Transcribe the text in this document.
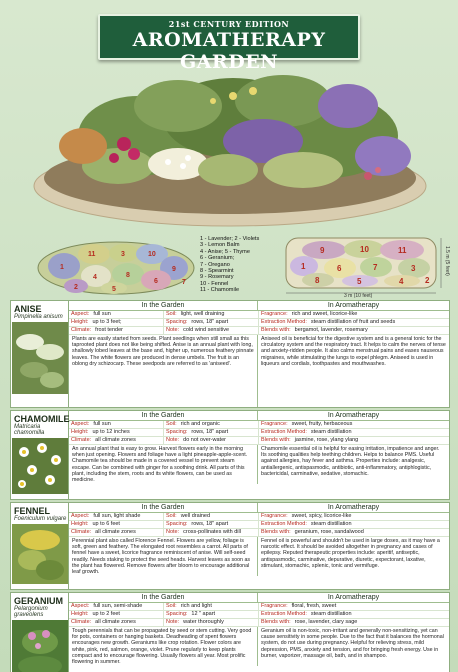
21st CENTURY EDITION
AROMATHERAPY GARDEN
1
11	3	10
9
4	8
6
2	5
7
1 - Lavender; 2 - Violets
3 - Lemon Balm
4 - Anise; 5 - Thyme
6 - Geranium;
7 - Oregano
8 - Spearmint
9 - Rosemary
10 - Fennel
11 - Chamomile
9	10	11
1	6	7	3
8	5	4	2
3 m (10 feet)
1.5 m (5 feet)
ANISE
Pimpinella anisum
In the Garden	In Aromatherapy
Aspect: full sun	Soil: light, well draining	Fragrance: rich and sweet, licorice-like
Height: up to 3 feet;	Spacing: rows, 18" apart	Extraction Method: steam distillation of fruit and seeds
Climate: frost tender	Note: cold wind sensitive	Blends with: bergamot, lavender, rosemary
Plants are easily started from seeds. Plant seedlings when still small as this taprooted plant does not like being shifted. Anise is an annual plant with long, shallowly lobed leaves at the base and, higher up, numerous feathery pinnate leaves. The white flowers are produced in dense umbels. The fruit is an oblong dry schizocarp. These seedpods are referred to as 'aniseed'.
Aniseed oil is beneficial for the digestive system and is a general tonic for the circulatory system and the respiratory tract. It helps to calm the nerves of tense and anxiety-ridden people. It also calms menstrual pains and eases nauseous migraines, while stimulating the lungs to expel phlegm. Aniseed is used in liqueurs and cordials, toothpastes and mouthwashes.
CHAMOMILE
Matricaria chamomilla
In the Garden	In Aromatherapy
Aspect: full sun	Soil: rich and organic	Fragrance: sweet, fruity, herbaceous
Height: up to 12 inches	Spacing: rows, 18" apart	Extraction Method: steam distillation
Climate: all climate zones	Note: do not over-water	Blends with: jasmine, rose, ylang ylang
An annual plant that is easy to grow. Harvest flowers early in the morning when just opening. Flowers and foliage have a light pineapple-apple-scent. Chamomile tea should be made in a covered vessel to prevent steam escape. Can be combined with ginger for a soothing drink. All parts of this plant, including the stem, roots and its white flowers, can be used as medicine.
Chamomile essential oil is helpful for easing irritation, impatience and anger. Its soothing qualities help teething children. Helps to balance PMS. Useful against allergies, hay fever and asthma. Properties include: analgesic, antiallergenic, antispasmodic, antibiotic, anti-inflammatory, antiphlogistic, bactericidal, carminative, sedative, stomachic.
FENNEL
Foeniculum vulgare
In the Garden	In Aromatherapy
Aspect: full sun, light shade	Soil: well drained	Fragrance: sweet, spicy, licorice-like
Height: up to 6 feet	Spacing: rows, 18" apart	Extraction Method: steam distillation
Climate: all climate zones	Note: cross-pollinates with dill	Blends with: geranium, rose, sandalwood
Perennial plant also called Florence Fennel. Flowers are yellow, foliage is soft, green and feathery. The elongated root resembles a carrot. All parts of fennel have a sweet, licorice fragrance reminiscent of anise. Will self-seed readily. Needs staking to protect the seed heads. Harvest leaves as soon as the plant has flowered. Remove flowers after bloom to encourage additional leaf growth.
Fennel oil is powerful and shouldn't be used in large doses, as it may have a narcotic effect. It should be avoided altogether in pregnancy and cases of epilepsy. Reputed therapeutic properties include: aperitif, antiseptic, antispasmodic, carminative, depurative, diuretic, expectorant, laxative, stimulant, stomachic, splenic, tonic and vermifuge.
GERANIUM
Pelargonium graveolens
In the Garden	In Aromatherapy
Aspect: full sun, semi-shade	Soil: rich and light	Fragrance: floral, fresh, sweet
Height: up to 2 feet	Spacing: 12 " apart	Extraction Method: steam distillation
Climate: all climate zones	Note: water thoroughly	Blends with: rose, lavender, clary sage
Tough perennials that can be propagated by seed or stem cutting. Very good for pots, containers or hanging baskets. Deadheading of spent flowers encourages new growth. Geraniums like crop rotation. Flower colors are white, pink, red, salmon, orange, violet. Prune regularly to keep plants compact and to encourage flowering. Usually flowers all year. Most prolific flowering in summer.
Geranium oil is non-toxic, non-irritant and generally non-sensitizing, yet can cause sensitivity in some people. Due to the fact that it balances the hormonal system, do not use during pregnancy. Helpful for relieving stress, mild depression, PMS, anxiety and tension, and for bringing fresh energy. Use in burner, vaporizer, massage oil, bath, and in shampoo.
